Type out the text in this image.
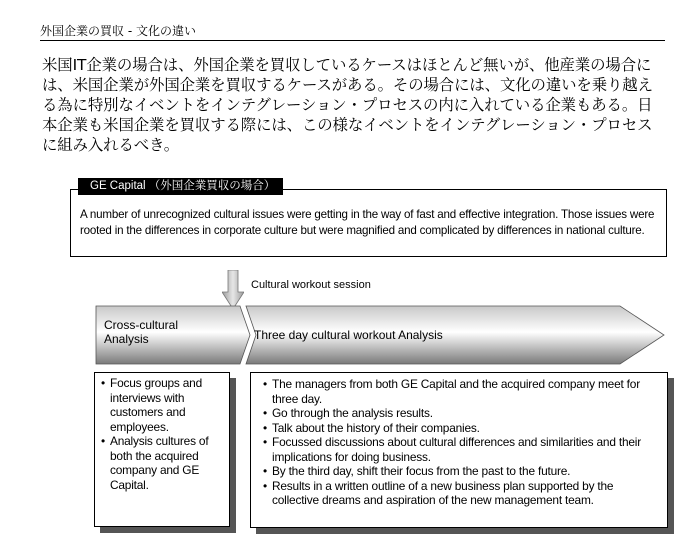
外国企業の買収 - 文化の違い
米国IT企業の場合は、外国企業を買収しているケースはほとんど無いが、他産業の場合には、米国企業が外国企業を買収するケースがある。その場合には、文化の違いを乗り越える為に特別なイベントをインテグレーション・プロセスの内に入れている企業もある。日本企業も米国企業を買収する際には、この様なイベントをインテグレーション・プロセスに組み入れるべき。
A number of unrecognized cultural issues were getting in the way of fast and effective integration. Those issues were rooted in the differences in corporate culture but were magnified and complicated by differences in national culture.
GE Capital （外国企業買収の場合）
Cultural workout session
Cross-cultural Analysis	Three day cultural workout Analysis
• Focus groups and interviews with customers and employees.
• Analysis cultures of both the acquired company and GE Capital.
• The managers from both GE Capital and the acquired company meet for three day.
• Go through the analysis results.
• Talk about the history of their companies.
• Focussed discussions about cultural differences and similarities and their implications for doing business.
• By the third day, shift their focus from the past to the future.
• Results in a written outline of a new business plan supported by the collective dreams and aspiration of the new management team.
